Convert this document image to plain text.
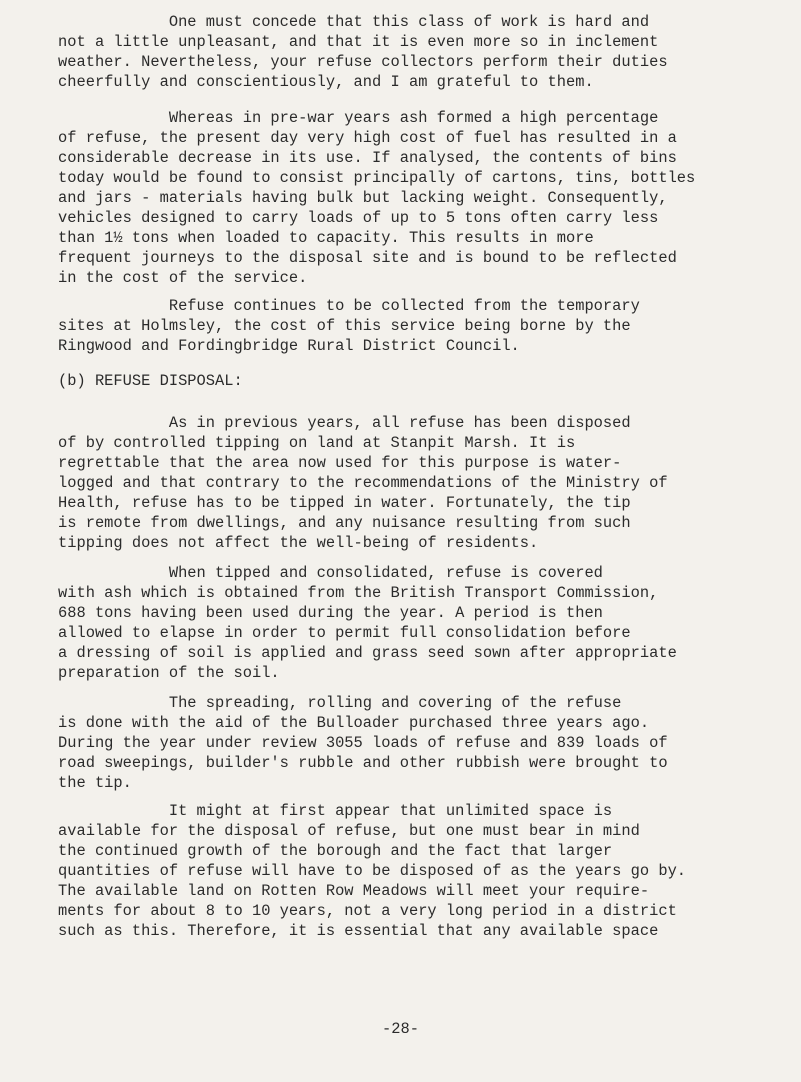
One must concede that this class of work is hard and
not a little unpleasant, and that it is even more so in inclement
weather. Nevertheless, your refuse collectors perform their duties
cheerfully and conscientiously, and I am grateful to them.

Whereas in pre-war years ash formed a high percentage
of refuse, the present day very high cost of fuel has resulted in a
considerable decrease in its use. If analysed, the contents of bins
today would be found to consist principally of cartons, tins, bottles
and jars - materials having bulk but lacking weight. Consequently,
vehicles designed to carry loads of up to 5 tons often carry less
than 1½ tons when loaded to capacity. This results in more
frequent journeys to the disposal site and is bound to be reflected
in the cost of the service.

Refuse continues to be collected from the temporary
sites at Holmsley, the cost of this service being borne by the
Ringwood and Fordingbridge Rural District Council.

(b) REFUSE DISPOSAL:

As in previous years, all refuse has been disposed
of by controlled tipping on land at Stanpit Marsh. It is
regrettable that the area now used for this purpose is water-
logged and that contrary to the recommendations of the Ministry of
Health, refuse has to be tipped in water. Fortunately, the tip
is remote from dwellings, and any nuisance resulting from such
tipping does not affect the well-being of residents.

When tipped and consolidated, refuse is covered
with ash which is obtained from the British Transport Commission,
688 tons having been used during the year. A period is then
allowed to elapse in order to permit full consolidation before
a dressing of soil is applied and grass seed sown after appropriate
preparation of the soil.

The spreading, rolling and covering of the refuse
is done with the aid of the Bulloader purchased three years ago.
During the year under review 3055 loads of refuse and 839 loads of
road sweepings, builder's rubble and other rubbish were brought to
the tip.

It might at first appear that unlimited space is
available for the disposal of refuse, but one must bear in mind
the continued growth of the borough and the fact that larger
quantities of refuse will have to be disposed of as the years go by.
The available land on Rotten Row Meadows will meet your require-
ments for about 8 to 10 years, not a very long period in a district
such as this. Therefore, it is essential that any available space

-28-
